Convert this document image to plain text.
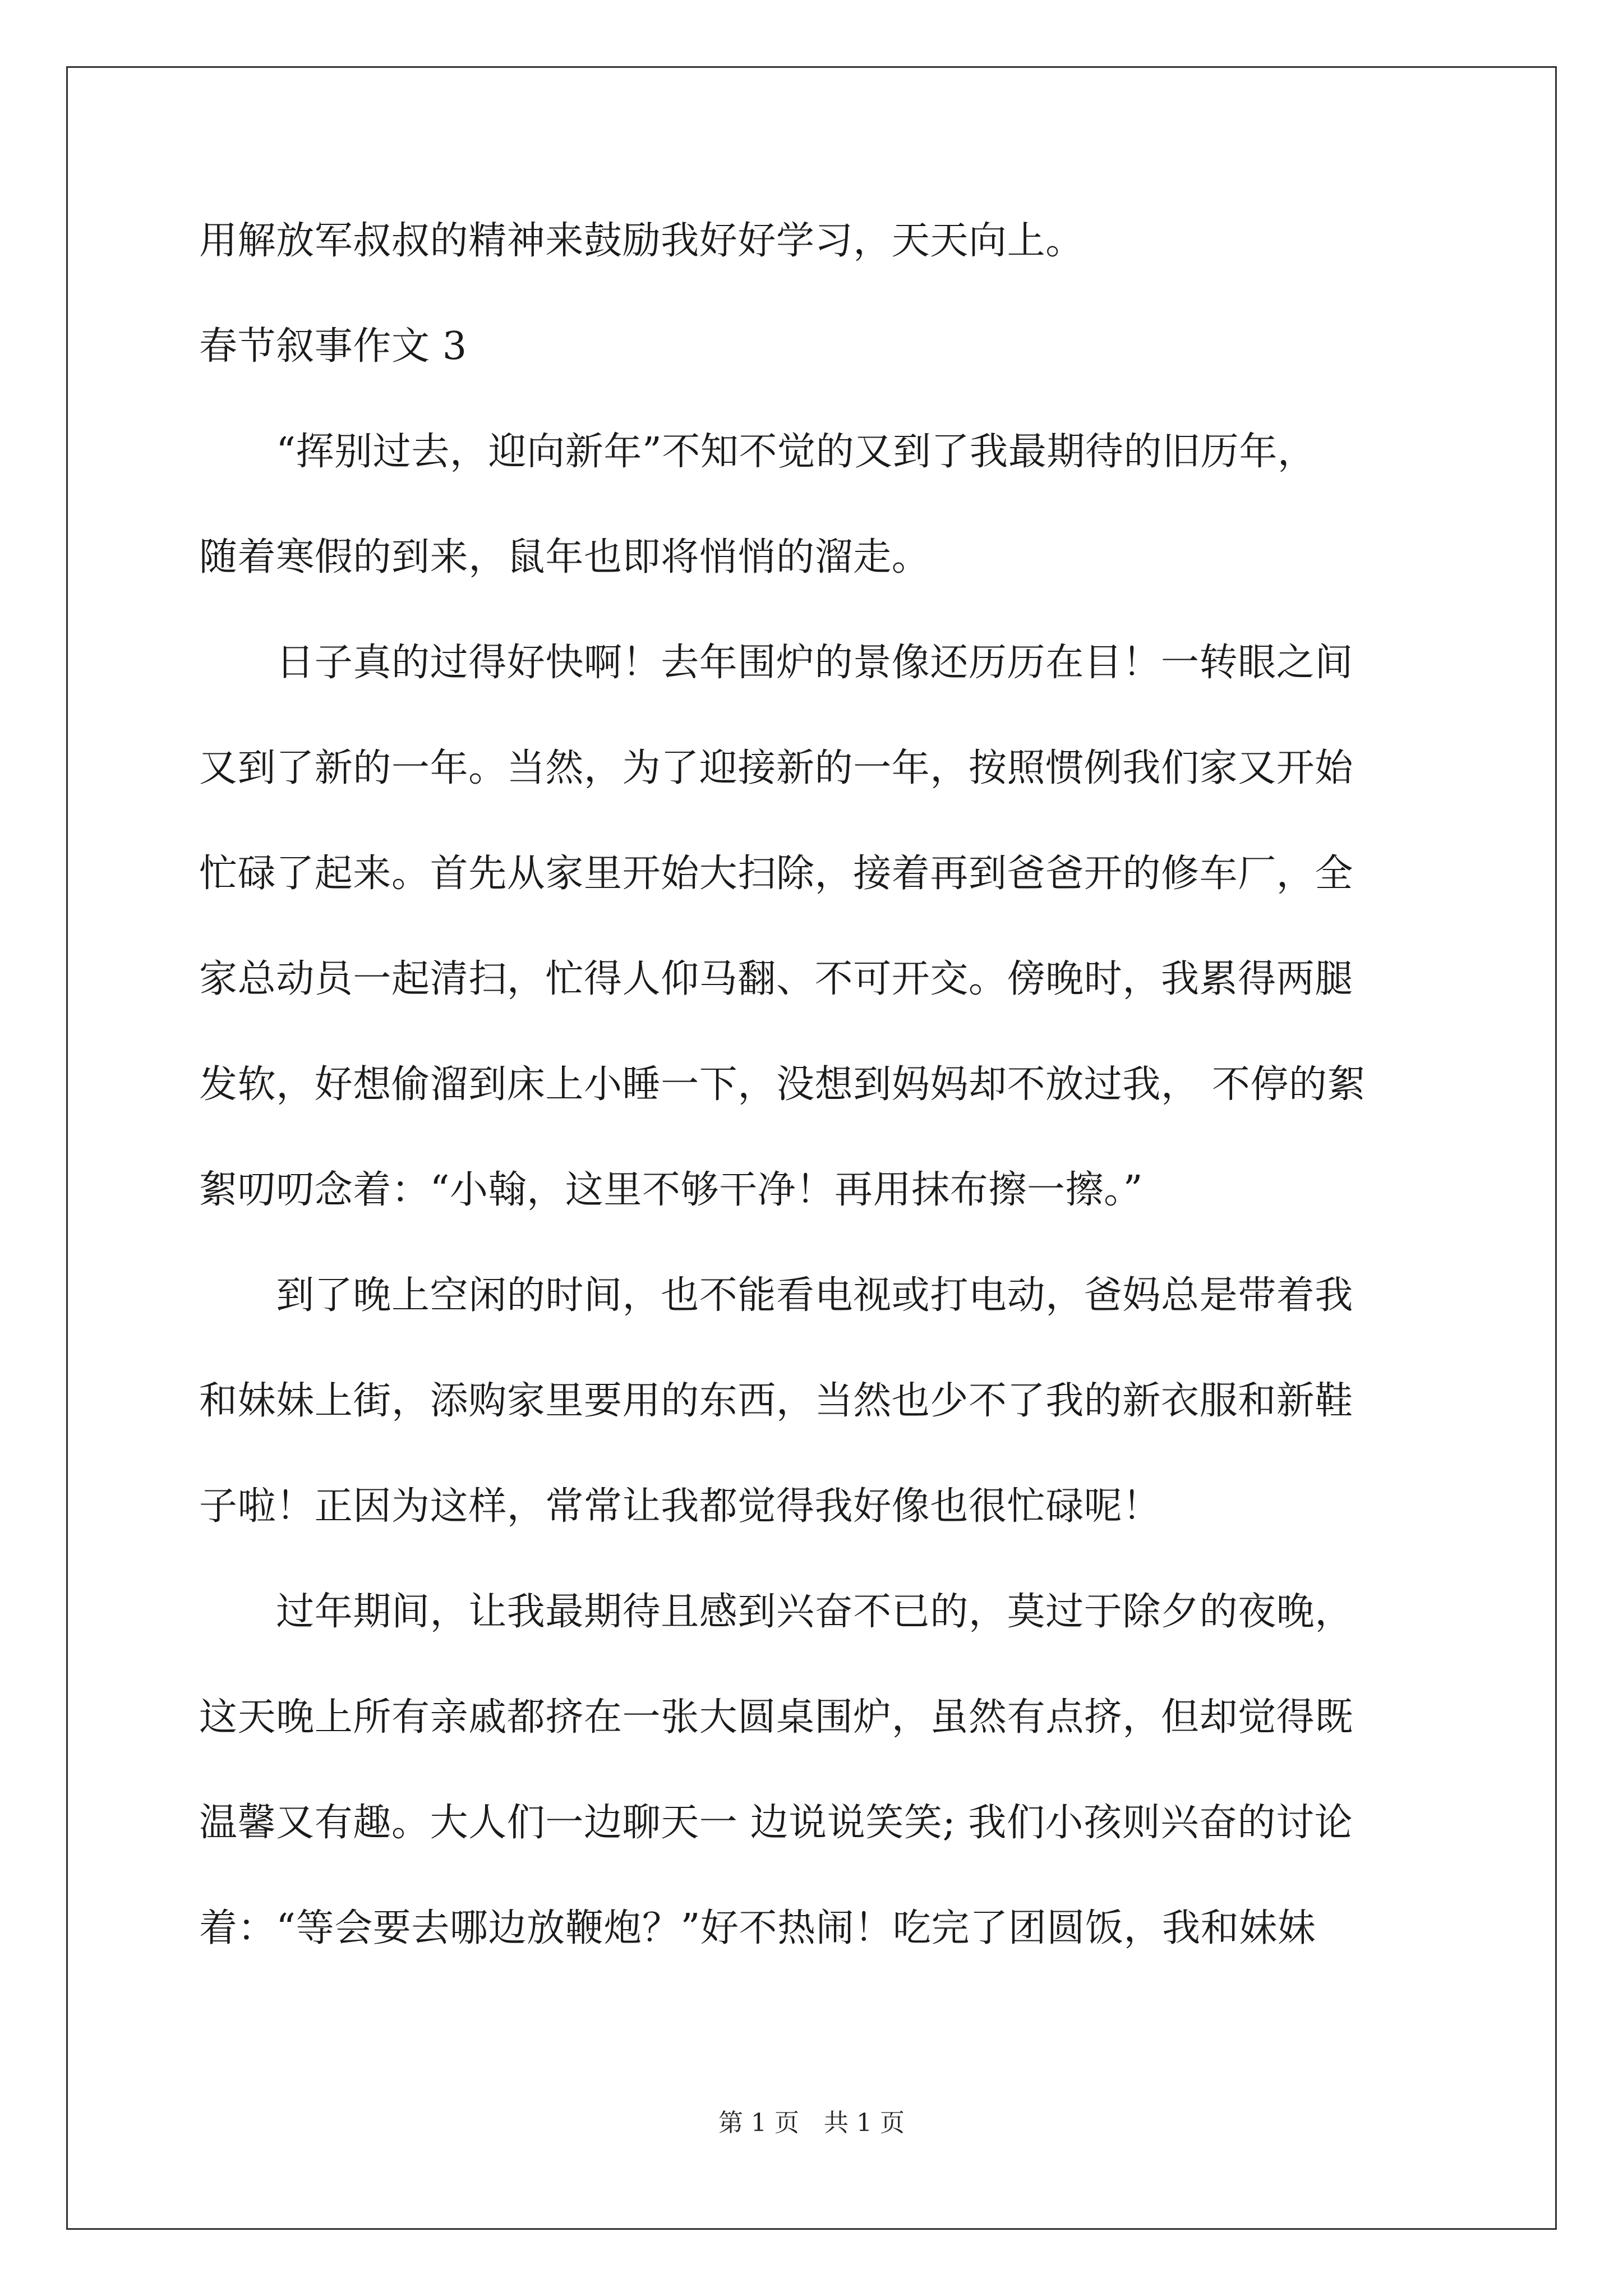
用解放军叔叔的精神来鼓励我好好学习，天天向上。
春节叙事作文 3
　　“挥别过去，迎向新年”不知不觉的又到了我最期待的旧历年，
随着寒假的到来，鼠年也即将悄悄的溜走。
　　日子真的过得好快啊！去年围炉的景像还历历在目！一转眼之间
又到了新的一年。当然，为了迎接新的一年，按照惯例我们家又开始
忙碌了起来。首先从家里开始大扫除，接着再到爸爸开的修车厂，全
家总动员一起清扫，忙得人仰马翻、不可开交。傍晚时，我累得两腿
发软，好想偷溜到床上小睡一下，没想到妈妈却不放过我， 不停的絮
絮叨叨念着：“小翰，这里不够干净！再用抹布擦一擦。”
　　到了晚上空闲的时间，也不能看电视或打电动，爸妈总是带着我
和妹妹上街，添购家里要用的东西，当然也少不了我的新衣服和新鞋
子啦！正因为这样，常常让我都觉得我好像也很忙碌呢！
　　过年期间，让我最期待且感到兴奋不已的，莫过于除夕的夜晚，
这天晚上所有亲戚都挤在一张大圆桌围炉，虽然有点挤，但却觉得既
温馨又有趣。大人们一边聊天一 边说说笑笑; 我们小孩则兴奋的讨论
着：“等会要去哪边放鞭炮？”好不热闹！吃完了团圆饭，我和妹妹
第 1 页　共 1 页
